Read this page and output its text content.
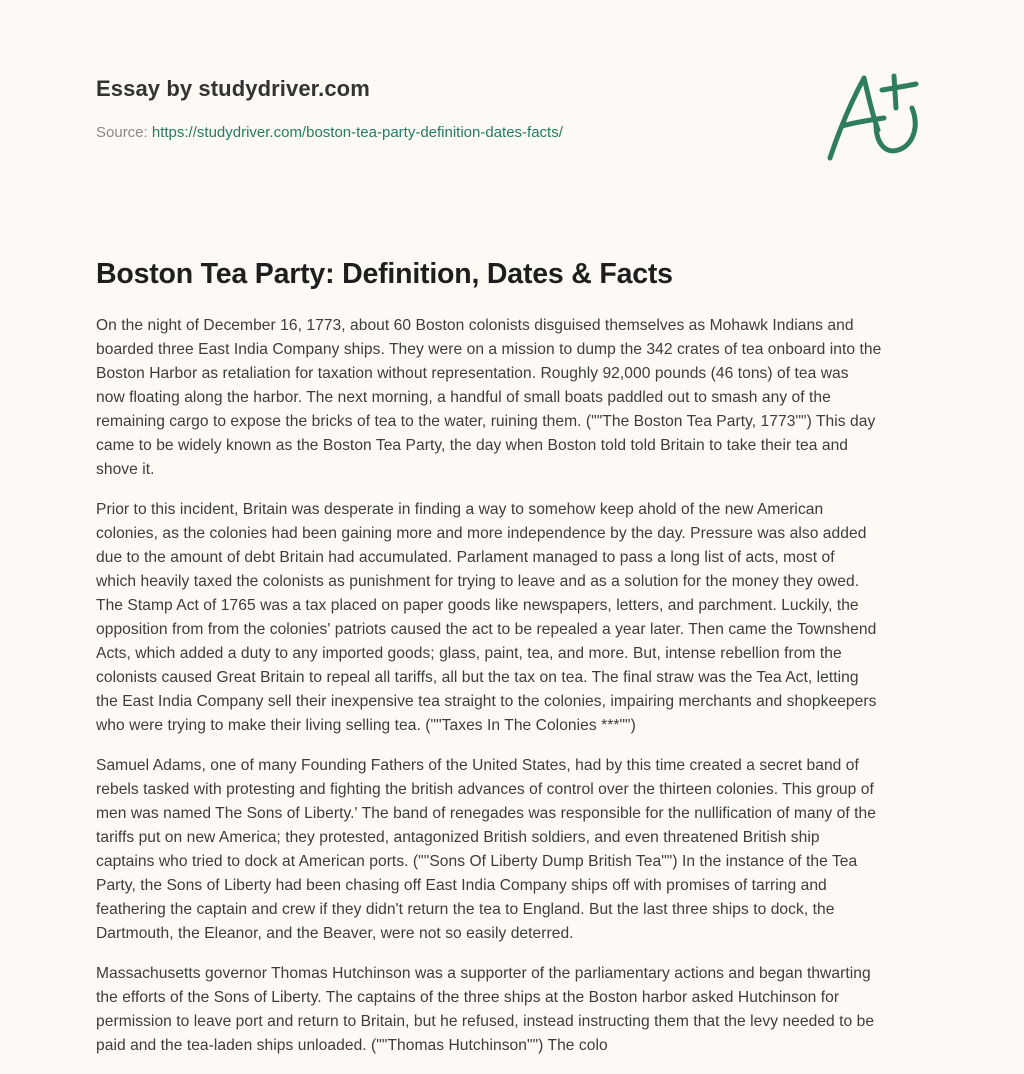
Essay by studydriver.com
Source: https://studydriver.com/boston-tea-party-definition-dates-facts/
Boston Tea Party: Definition, Dates & Facts

On the night of December 16, 1773, about 60 Boston colonists disguised themselves as Mohawk Indians and
boarded three East India Company ships. They were on a mission to dump the 342 crates of tea onboard into the
Boston Harbor as retaliation for taxation without representation. Roughly 92,000 pounds (46 tons) of tea was
now floating along the harbor. The next morning, a handful of small boats paddled out to smash any of the
remaining cargo to expose the bricks of tea to the water, ruining them. (""The Boston Tea Party, 1773"") This day
came to be widely known as the Boston Tea Party, the day when Boston told told Britain to take their tea and
shove it.

Prior to this incident, Britain was desperate in finding a way to somehow keep ahold of the new American
colonies, as the colonies had been gaining more and more independence by the day. Pressure was also added
due to the amount of debt Britain had accumulated. Parlament managed to pass a long list of acts, most of
which heavily taxed the colonists as punishment for trying to leave and as a solution for the money they owed.
The Stamp Act of 1765 was a tax placed on paper goods like newspapers, letters, and parchment. Luckily, the
opposition from from the colonies' patriots caused the act to be repealed a year later. Then came the Townshend
Acts, which added a duty to any imported goods; glass, paint, tea, and more. But, intense rebellion from the
colonists caused Great Britain to repeal all tariffs, all but the tax on tea. The final straw was the Tea Act, letting
the East India Company sell their inexpensive tea straight to the colonies, impairing merchants and shopkeepers
who were trying to make their living selling tea. (""Taxes In The Colonies ***"")

Samuel Adams, one of many Founding Fathers of the United States, had by this time created a secret band of
rebels tasked with protesting and fighting the british advances of control over the thirteen colonies. This group of
men was named The Sons of Liberty.' The band of renegades was responsible for the nullification of many of the
tariffs put on new America; they protested, antagonized British soldiers, and even threatened British ship
captains who tried to dock at American ports. (""Sons Of Liberty Dump British Tea"") In the instance of the Tea
Party, the Sons of Liberty had been chasing off East India Company ships off with promises of tarring and
feathering the captain and crew if they didn't return the tea to England. But the last three ships to dock, the
Dartmouth, the Eleanor, and the Beaver, were not so easily deterred.

Massachusetts governor Thomas Hutchinson was a supporter of the parliamentary actions and began thwarting
the efforts of the Sons of Liberty. The captains of the three ships at the Boston harbor asked Hutchinson for
permission to leave port and return to Britain, but he refused, instead instructing them that the levy needed to be
paid and the tea-laden ships unloaded. (""Thomas Hutchinson"") The colo
